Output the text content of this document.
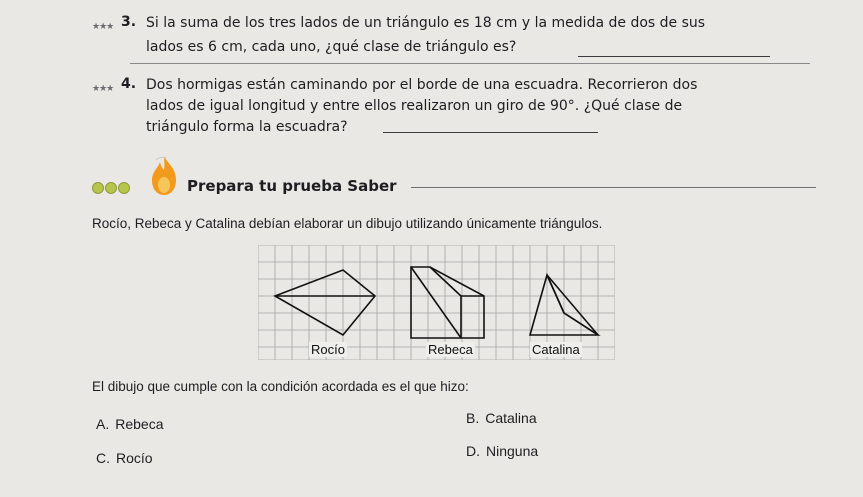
★★★ 3. Si la suma de los tres lados de un triángulo es 18 cm y la medida de dos de sus
lados es 6 cm, cada uno, ¿qué clase de triángulo es?
★★★ 4. Dos hormigas están caminando por el borde de una escuadra. Recorrieron dos
lados de igual longitud y entre ellos realizaron un giro de 90°. ¿Qué clase de
triángulo forma la escuadra?
Prepara tu prueba Saber
Rocío, Rebeca y Catalina debían elaborar un dibujo utilizando únicamente triángulos.
Rocío	Rebeca	Catalina
El dibujo que cumple con la condición acordada es el que hizo:
A. Rebeca	B. Catalina
C. Rocío	D. Ninguna
